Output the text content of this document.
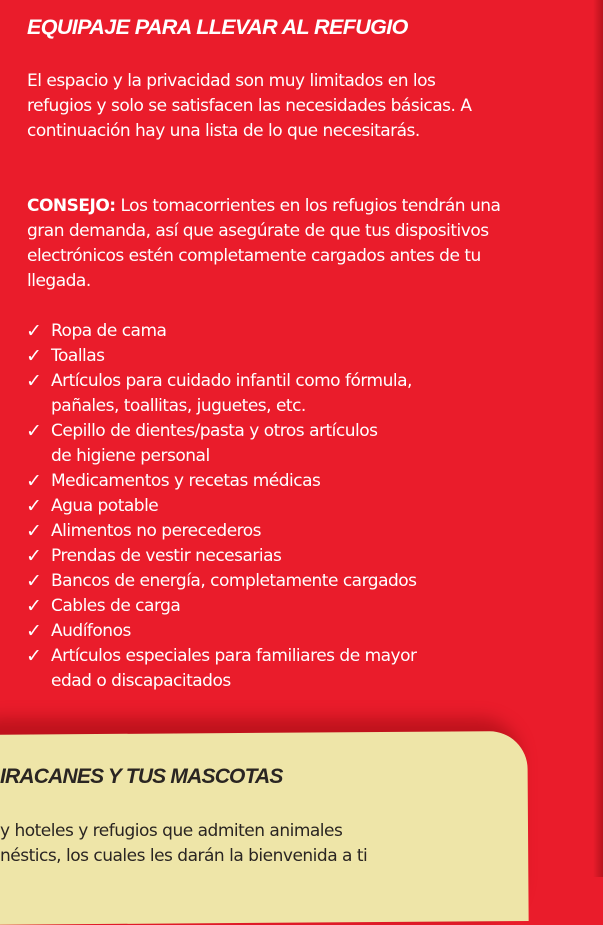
EQUIPAJE PARA LLEVAR AL REFUGIO

El espacio y la privacidad son muy limitados en los refugios y solo se satisfacen las necesidades básicas. A continuación hay una lista de lo que necesitarás.

CONSEJO: Los tomacorrientes en los refugios tendrán una gran demanda, así que asegúrate de que tus dispositivos electrónicos estén completamente cargados antes de tu llegada.

✓ Ropa de cama
✓ Toallas
✓ Artículos para cuidado infantil como fórmula,
pañales, toallitas, juguetes, etc.
✓ Cepillo de dientes/pasta y otros artículos
de higiene personal
✓ Medicamentos y recetas médicas
✓ Agua potable
✓ Alimentos no perecederos
✓ Prendas de vestir necesarias
✓ Bancos de energía, completamente cargados
✓ Cables de carga
✓ Audífonos
✓ Artículos especiales para familiares de mayor
edad o discapacitados
IRACANES Y TUS MASCOTAS

y hoteles y refugios que admiten animales
néstics, los cuales les darán la bienvenida a ti
